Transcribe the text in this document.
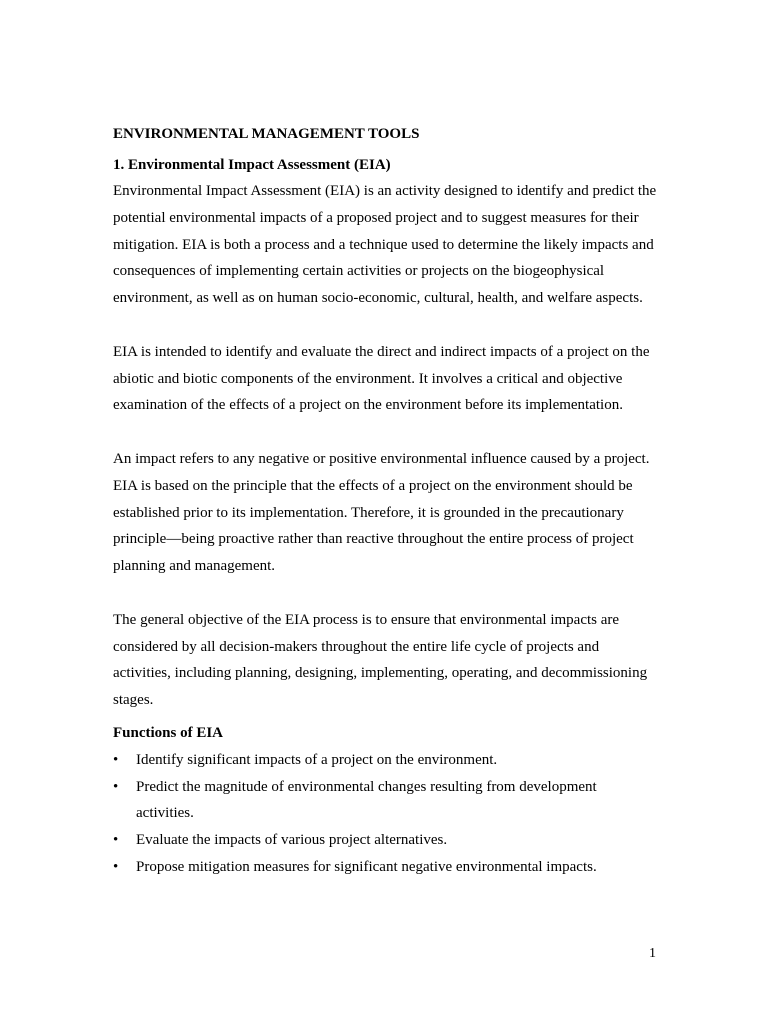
ENVIRONMENTAL MANAGEMENT TOOLS

1. Environmental Impact Assessment (EIA)

Environmental Impact Assessment (EIA) is an activity designed to identify and predict the potential environmental impacts of a proposed project and to suggest measures for their mitigation. EIA is both a process and a technique used to determine the likely impacts and consequences of implementing certain activities or projects on the biogeophysical environment, as well as on human socio-economic, cultural, health, and welfare aspects.

EIA is intended to identify and evaluate the direct and indirect impacts of a project on the abiotic and biotic components of the environment. It involves a critical and objective examination of the effects of a project on the environment before its implementation.

An impact refers to any negative or positive environmental influence caused by a project. EIA is based on the principle that the effects of a project on the environment should be established prior to its implementation. Therefore, it is grounded in the precautionary principle—being proactive rather than reactive throughout the entire process of project planning and management.

The general objective of the EIA process is to ensure that environmental impacts are considered by all decision-makers throughout the entire life cycle of projects and activities, including planning, designing, implementing, operating, and decommissioning stages.

Functions of EIA

• Identify significant impacts of a project on the environment.
• Predict the magnitude of environmental changes resulting from development activities.
• Evaluate the impacts of various project alternatives.
• Propose mitigation measures for significant negative environmental impacts.
1
